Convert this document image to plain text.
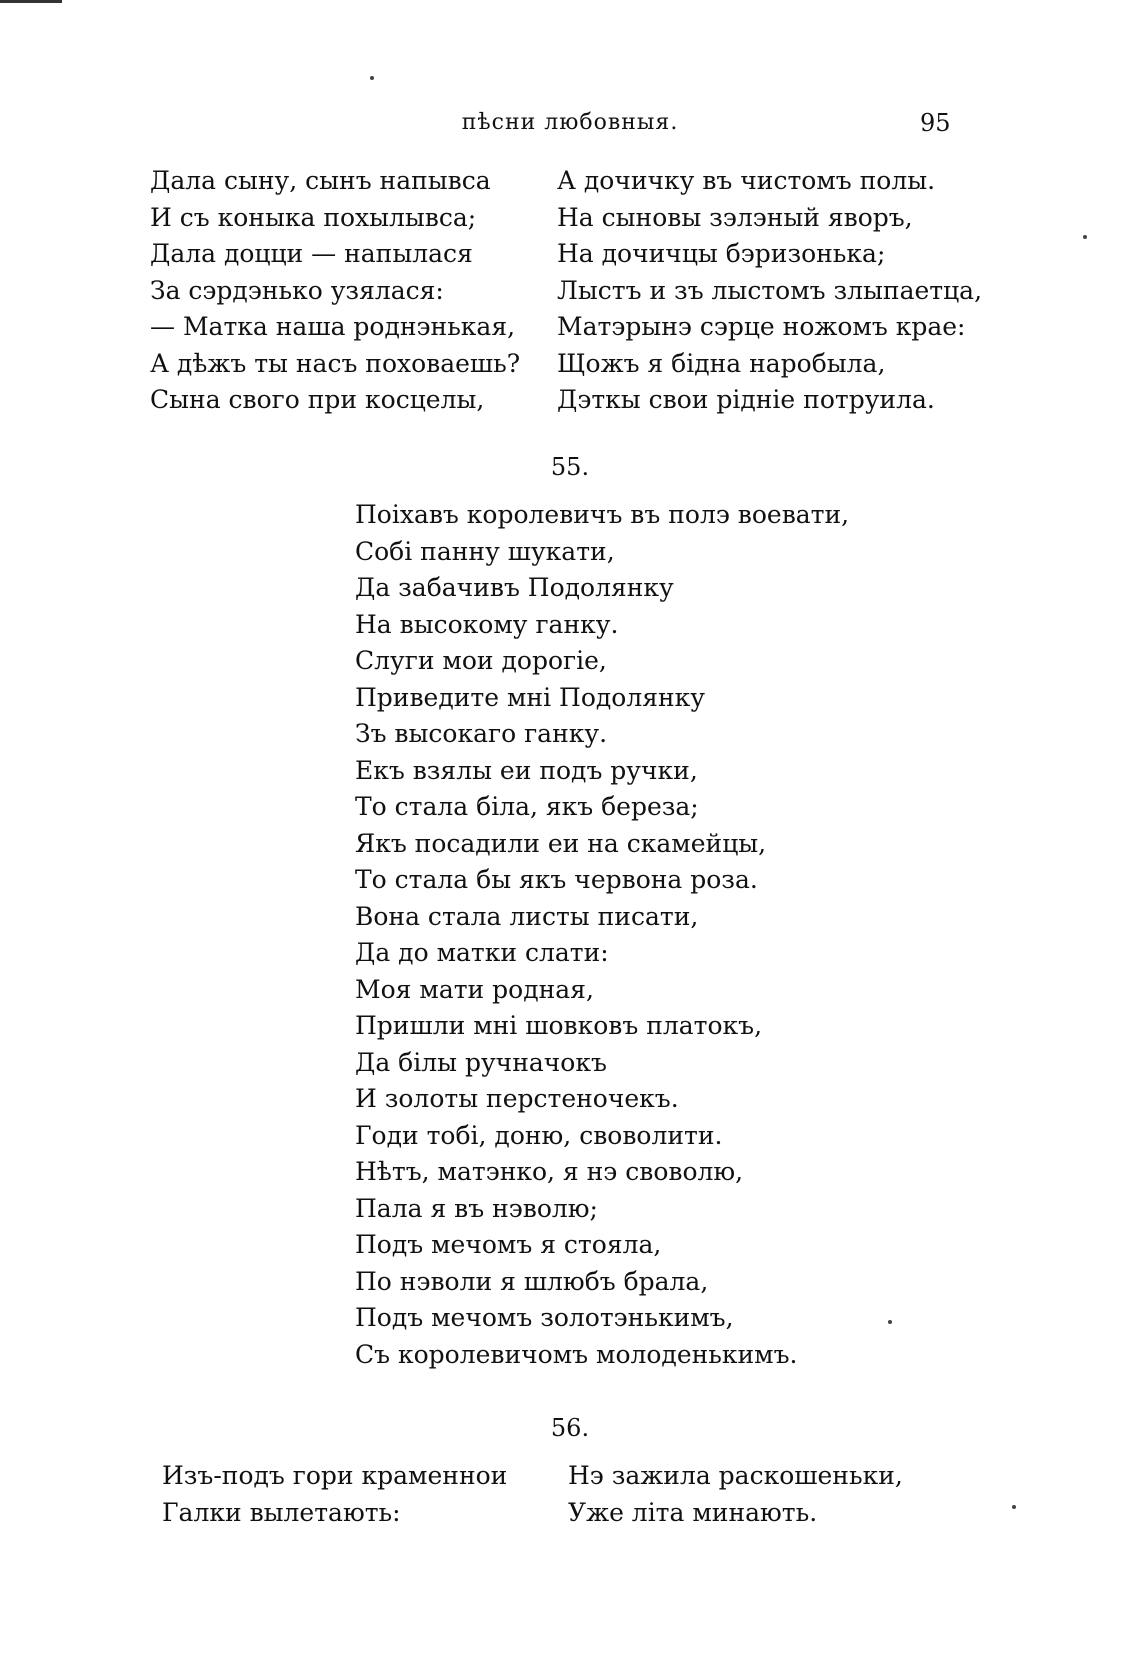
пѣсни любовныя.	95
Дала сыну, сынъ напывса
И съ коныка похылывса;
Дала доцци — напылася
За сэрдэнько узялася:
— Матка наша роднэнькая,
А дѣжъ ты насъ поховаешь?
Сына свого при косцелы,
А дочичку въ чистомъ полы.
На сыновы зэлэный яворъ,
На дочичцы бэризонька;
Лыстъ и зъ лыстомъ злыпаетца,
Матэрынэ сэрце ножомъ крае:
Щожъ я бідна наробыла,
Дэткы свои ріднiе потруила.
55.
Поіхавъ королевичъ въ полэ воевати,
Собі панну шукати,
Да забачивъ Подолянку
На высокому ганку.
Слуги мои дорогіе,
Приведите мні Подолянку
Зъ высокаго ганку.
Екъ взялы еи подъ ручки,
То стала біла, якъ береза;
Якъ посадили еи на скамейцы,
То стала бы якъ червона роза.
Вона стала листы писати,
Да до матки слати:
Моя мати родная,
Пришли мні шовковъ платокъ,
Да білы ручначокъ
И золоты перстеночекъ.
Годи тобі, доню, своволити.
Нѣтъ, матэнко, я нэ своволю,
Пала я въ нэволю;
Подъ мечомъ я стояла,
По нэволи я шлюбъ брала,
Подъ мечомъ золотэнькимъ,
Съ королевичомъ молоденькимъ.
56.
Изъ-подъ гори краменнои
Галки вылетають:
Нэ зажила раскошеньки,
Уже літа минають.
